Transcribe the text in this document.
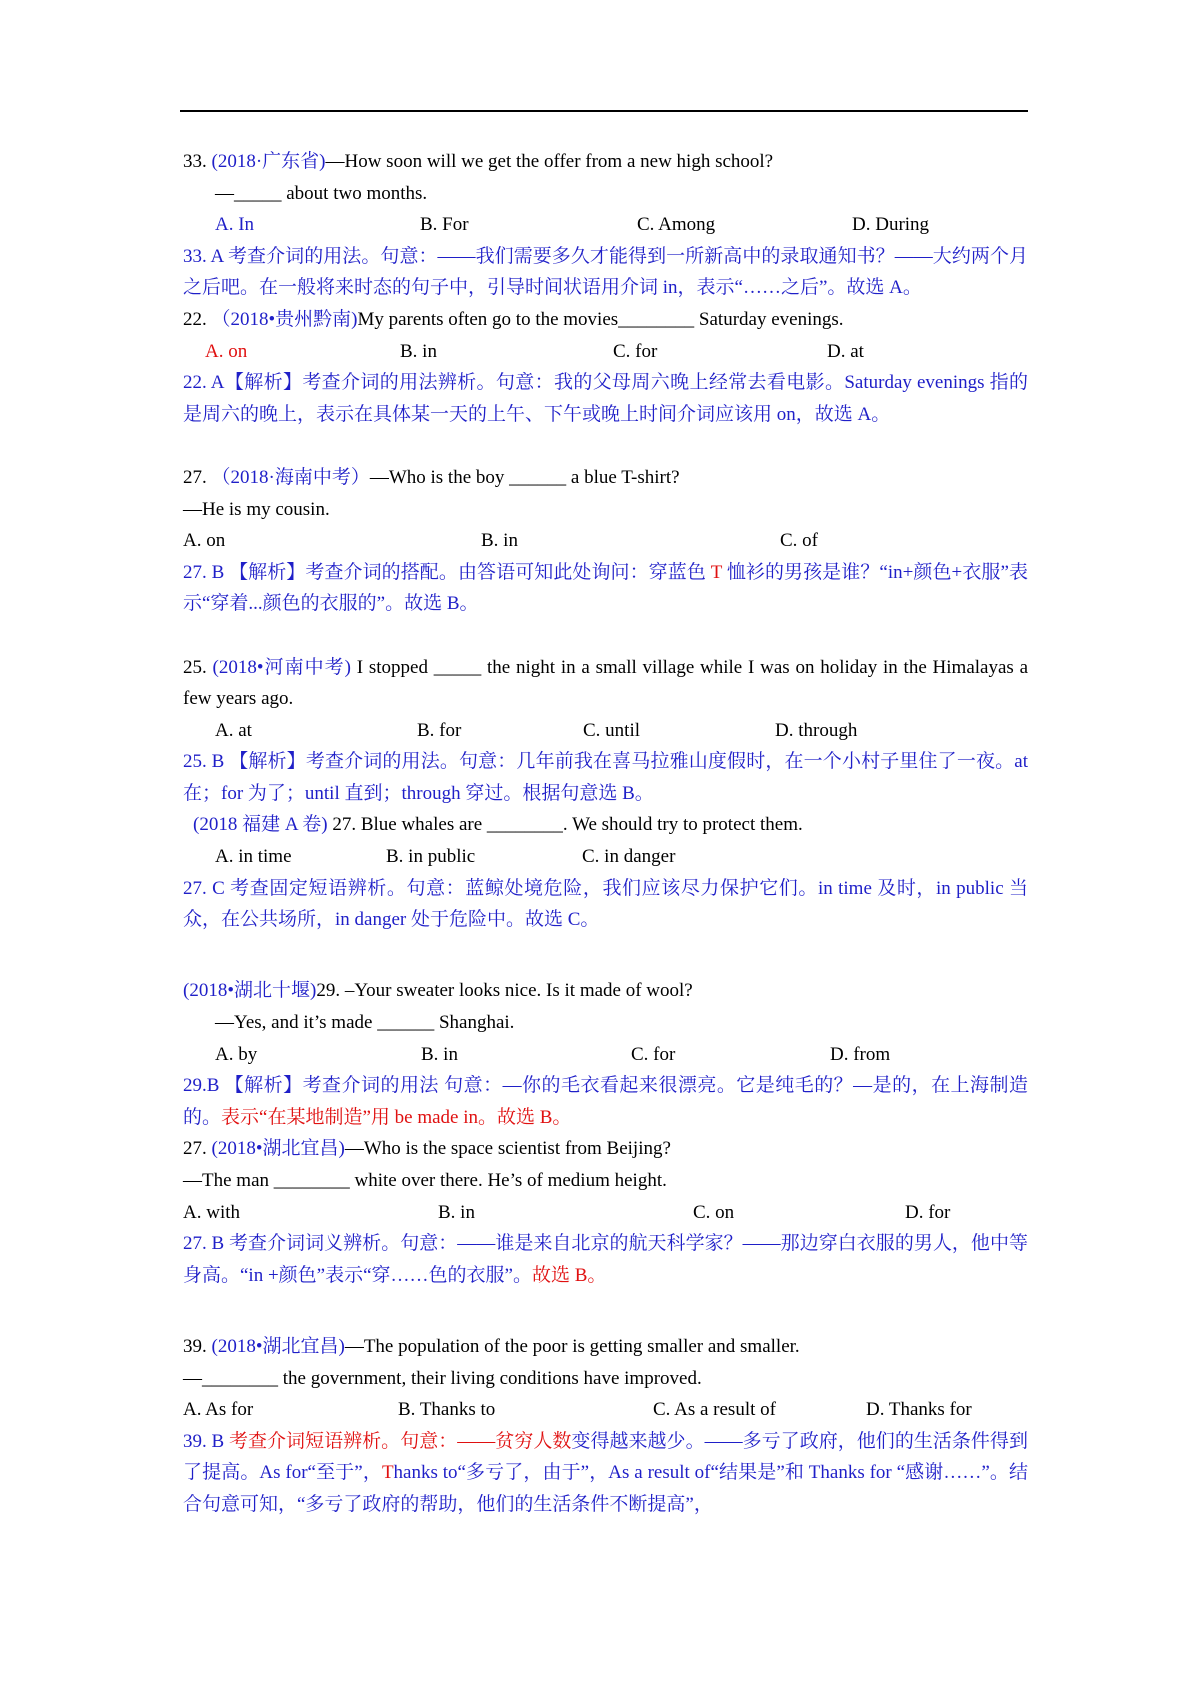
33. (2018·广东省)—How soon will we get the offer from a new high school?
—_____ about two months.
A. In	B. For	C. Among	D. During
33. A 考查介词的用法。句意：——我们需要多久才能得到一所新高中的录取通知书？——大约两个月之后吧。在一般将来时态的句子中，引导时间状语用介词 in，表示“……之后”。故选 A。
22. （2018•贵州黔南)My parents often go to the movies________ Saturday evenings.
A. on	B. in	C. for	D. at
22. A【解析】考查介词的用法辨析。句意：我的父母周六晚上经常去看电影。Saturday evenings 指的是周六的晚上，表示在具体某一天的上午、下午或晚上时间介词应该用 on，故选 A。
27. （2018·海南中考）—Who is the boy ______ a blue T-shirt?
—He is my cousin.
A. on	B. in	C. of
27. B 【解析】考查介词的搭配。由答语可知此处询问：穿蓝色 T 恤衫的男孩是谁？“in+颜色+衣服”表示“穿着...颜色的衣服的”。故选 B。
25. (2018•河南中考) I stopped _____ the night in a small village while I was on holiday in the Himalayas a few years ago.
A. at	B. for	C. until	D. through
25. B 【解析】考查介词的用法。句意：几年前我在喜马拉雅山度假时，在一个小村子里住了一夜。at 在；for 为了；until 直到；through 穿过。根据句意选 B。
(2018 福建 A 卷) 27. Blue whales are ________. We should try to protect them.
A. in time	B. in public	C. in danger
27. C 考查固定短语辨析。句意：蓝鲸处境危险，我们应该尽力保护它们。in time 及时，in public 当众，在公共场所，in danger 处于危险中。故选 C。
(2018•湖北十堰)29. –Your sweater looks nice. Is it made of wool?
—Yes, and it’s made ______ Shanghai.
A. by	B. in	C. for	D. from
29.B 【解析】考查介词的用法 句意：—你的毛衣看起来很漂亮。它是纯毛的？—是的，在上海制造的。表示“在某地制造”用 be made in。故选 B。
27. (2018•湖北宜昌)—Who is the space scientist from Beijing?
—The man ________ white over there. He’s of medium height.
A. with	B. in	C. on	D. for
27. B 考查介词词义辨析。句意：——谁是来自北京的航天科学家？——那边穿白衣服的男人，他中等身高。“in +颜色”表示“穿……色的衣服”。故选 B。
39. (2018•湖北宜昌)—The population of the poor is getting smaller and smaller.
—________ the government, their living conditions have improved.
A. As for	B. Thanks to	C. As a result of	D. Thanks for
39. B 考查介词短语辨析。句意：——贫穷人数变得越来越少。——多亏了政府，他们的生活条件得到了提高。As for“至于”，Thanks to“多亏了，由于”，As a result of“结果是”和 Thanks for “感谢……”。结合句意可知，“多亏了政府的帮助，他们的生活条件不断提高”，
